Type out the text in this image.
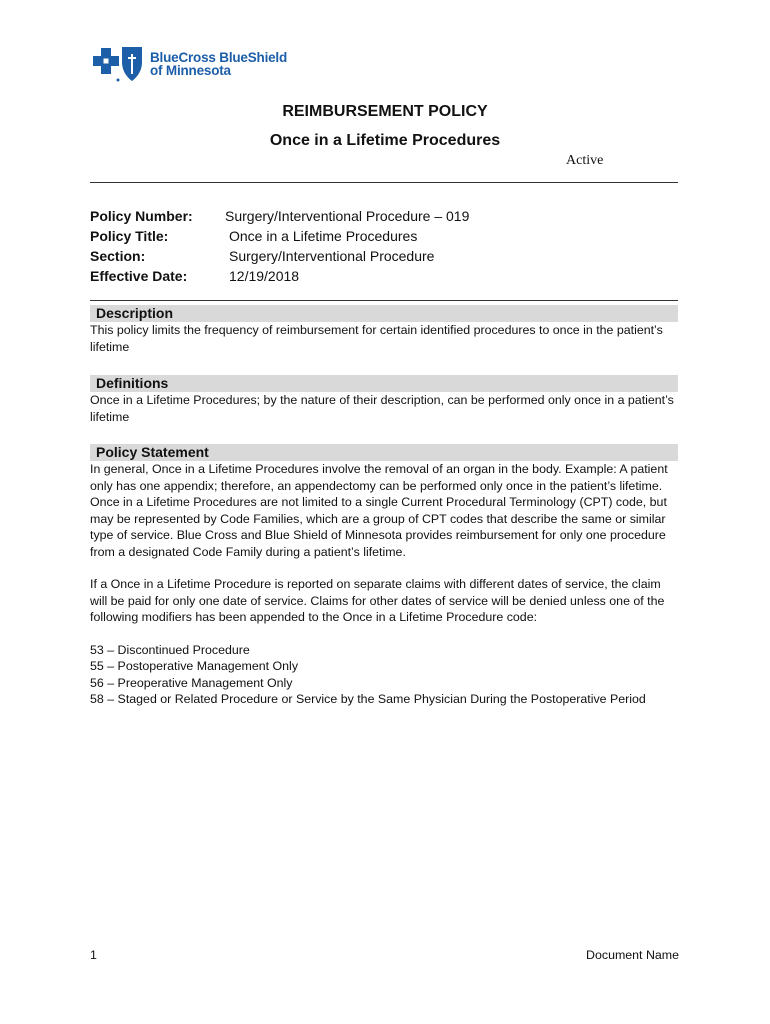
BlueCross BlueShield
of Minnesota
REIMBURSEMENT POLICY
Once in a Lifetime Procedures
Active
Policy Number:	Surgery/Interventional Procedure – 019
Policy Title:	Once in a Lifetime Procedures
Section:	Surgery/Interventional Procedure
Effective Date:	12/19/2018
Description
This policy limits the frequency of reimbursement for certain identified procedures to once in the patient’s lifetime
Definitions
Once in a Lifetime Procedures; by the nature of their description, can be performed only once in a patient’s lifetime
Policy Statement

In general, Once in a Lifetime Procedures involve the removal of an organ in the body. Example: A patient only has one appendix; therefore, an appendectomy can be performed only once in the patient’s lifetime. Once in a Lifetime Procedures are not limited to a single Current Procedural Terminology (CPT) code, but may be represented by Code Families, which are a group of CPT codes that describe the same or similar type of service. Blue Cross and Blue Shield of Minnesota provides reimbursement for only one procedure from a designated Code Family during a patient’s lifetime.

If a Once in a Lifetime Procedure is reported on separate claims with different dates of service, the claim will be paid for only one date of service. Claims for other dates of service will be denied unless one of the following modifiers has been appended to the Once in a Lifetime Procedure code:

53 – Discontinued Procedure
55 – Postoperative Management Only
56 – Preoperative Management Only
58 – Staged or Related Procedure or Service by the Same Physician During the Postoperative Period
1	Document Name
